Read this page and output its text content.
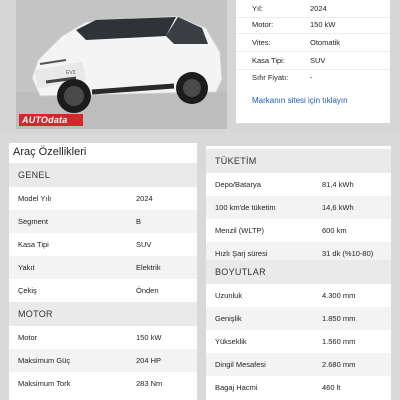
EV3
AUTOdata
Yıl:	2024
Motor:	150 kW
Vites:	Otomatik
Kasa Tipi:	SUV
Sıfır Fiyatı:	-
Markanın sitesi için tıklayın
Araç Özellikleri
GENEL
Model Yılı	2024
Segment	B
Kasa Tipi	SUV
Yakıt	Elektrik
Çekiş	Önden
MOTOR
Motor	150 kW
Maksimum Güç	204 HP
Maksimum Tork	283 Nm
TÜKETİM
Depo/Batarya	81,4 kWh
100 km'de tüketim	14,6 kWh
Menzil (WLTP)	600 km
Hızlı Şarj süresi	31 dk (%10-80)
BOYUTLAR
Uzunluk	4.300 mm
Genişlik	1.850 mm
Yükseklik	1.560 mm
Dingil Mesafesi	2.680 mm
Bagaj Hacmi	460 lt
